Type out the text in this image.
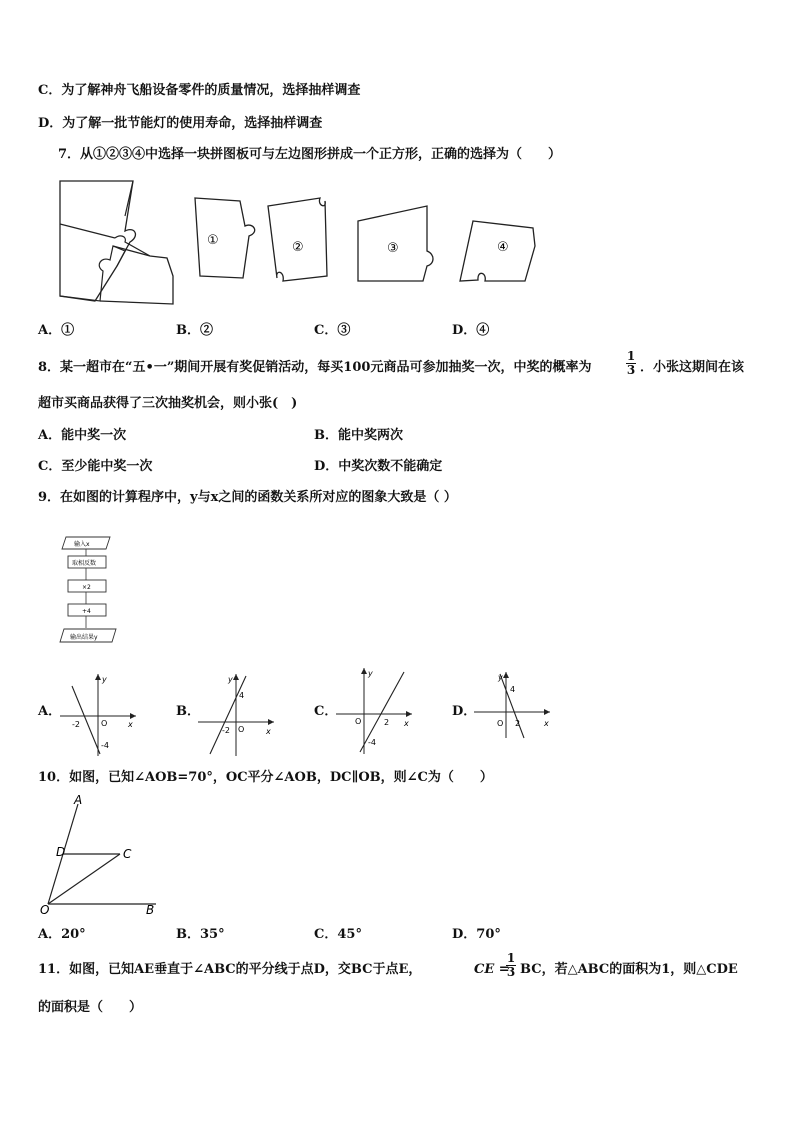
C．为了解神舟飞船设备零件的质量情况，选择抽样调查
D．为了解一批节能灯的使用寿命，选择抽样调查
7．从①②③④中选择一块拼图板可与左边图形拼成一个正方形，正确的选择为（　　）
①	②	③	④
A．①	B．②	C．③	D．④
8．某一超市在“五•一”期间开展有奖促销活动，每买100元商品可参加抽奖一次，中奖的概率为
1
3 ．小张这期间在该
超市买商品获得了三次抽奖机会，则小张(　)
A．能中奖一次	B．能中奖两次
C．至少能中奖一次	D．中奖次数不能确定
9．在如图的计算程序中，y与x之间的函数关系所对应的图象大致是（ ）
输入x
取相反数
×2
+4
输出结果y
A．	B．	C．	D．
y
x
O
-2
-4
y
x
O
-2
4
y
x
O	2
-4
y
x
O 2
4
10．如图，已知∠AOB=70°，OC平分∠AOB，DC∥OB，则∠C为（　　）
A
D	C
O	B
A．20°	B．35°	C．45°	D．70°
11．如图，已知AE垂直于∠ABC的平分线于点D，交BC于点E，	CE =
1
3 BC，若△ABC的面积为1，则△CDE
的面积是（　　）
